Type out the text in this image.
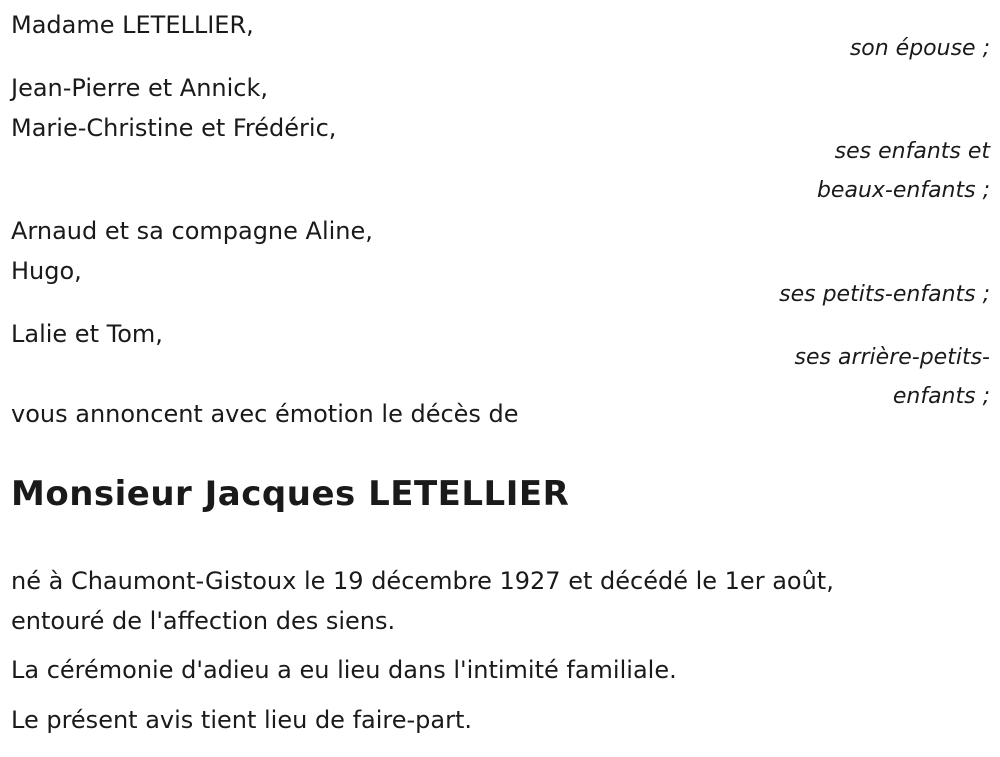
Madame LETELLIER,
son épouse ;
Jean-Pierre et Annick,
Marie-Christine et Frédéric,
ses enfants et
beaux-enfants ;
Arnaud et sa compagne Aline,
Hugo,
ses petits-enfants ;
Lalie et Tom,
ses arrière-petits-
enfants ;
vous annoncent avec émotion le décès de
Monsieur Jacques LETELLIER
né à Chaumont-Gistoux le 19 décembre 1927 et décédé le 1er août,
entouré de l'affection des siens.
La cérémonie d'adieu a eu lieu dans l'intimité familiale.
Le présent avis tient lieu de faire-part.
